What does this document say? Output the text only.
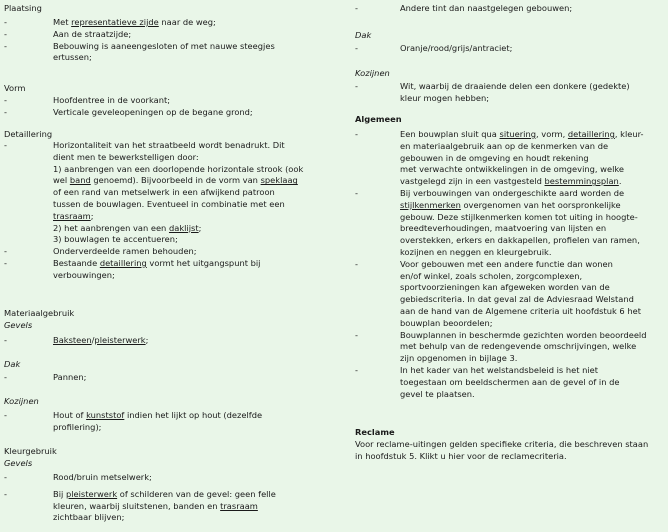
Plaatsing
Vorm
Detaillering
Materiaalgebruik
Gevels
Dak
Kozijnen
Kleurgebruik
Gevels
-	Met representatieve zijde naar de weg;
-	Aan de straatzijde;
-	Bebouwing is aaneengesloten of met nauwe steegjes
ertussen;
-	Hoofdentree in de voorkant;
-	Verticale geveleopeningen op de begane grond;
-	Horizontaliteit van het straatbeeld wordt benadrukt. Dit
dient men te bewerkstelligen door:
1) aanbrengen van een doorlopende horizontale strook (ook
wel band genoemd). Bijvoorbeeld in de vorm van speklaag
of een rand van metselwerk in een afwijkend patroon
tussen de bouwlagen. Eventueel in combinatie met een
trasraam;
2) het aanbrengen van een daklijst;
3) bouwlagen te accentueren;
-	Onderverdeelde ramen behouden;
-	Bestaande detaillering vormt het uitgangspunt bij
verbouwingen;
-	Baksteen/pleisterwerk;
-	Pannen;
-	Hout of kunststof indien het lijkt op hout (dezelfde
profilering);
-	Rood/bruin metselwerk;
-	Bij pleisterwerk of schilderen van de gevel: geen felle
kleuren, waarbij sluitstenen, banden en trasraam
zichtbaar blijven;
Dak
Kozijnen
Algemeen
Reclame
Voor reclame-uitingen gelden specifieke criteria, die beschreven staan
in hoofdstuk 5. Klikt u hier voor de reclamecriteria.
-	Andere tint dan naastgelegen gebouwen;
-	Oranje/rood/grijs/antraciet;
-	Wit, waarbij de draaiende delen een donkere (gedekte)
kleur mogen hebben;
-	Een bouwplan sluit qua situering, vorm, detaillering, kleur-
en materiaalgebruik aan op de kenmerken van de
gebouwen in de omgeving en houdt rekening
met verwachte ontwikkelingen in de omgeving, welke
vastgelegd zijn in een vastgesteld bestemmingsplan.
-	Bij verbouwingen van ondergeschikte aard worden de
stijlkenmerken overgenomen van het oorspronkelijke
gebouw. Deze stijlkenmerken komen tot uiting in hoogte-
breedteverhoudingen, maatvoering van lijsten en
overstekken, erkers en dakkapellen, profielen van ramen,
kozijnen en neggen en kleurgebruik.
-	Voor gebouwen met een andere functie dan wonen
en/of winkel, zoals scholen, zorgcomplexen,
sportvoorzieningen kan afgeweken worden van de
gebiedscriteria. In dat geval zal de Adviesraad Welstand
aan de hand van de Algemene criteria uit hoofdstuk 6 het
bouwplan beoordelen;
-	Bouwplannen in beschermde gezichten worden beoordeeld
met behulp van de redengevende omschrijvingen, welke
zijn opgenomen in bijlage 3.
-	In het kader van het welstandsbeleid is het niet
toegestaan om beeldschermen aan de gevel of in de
gevel te plaatsen.
